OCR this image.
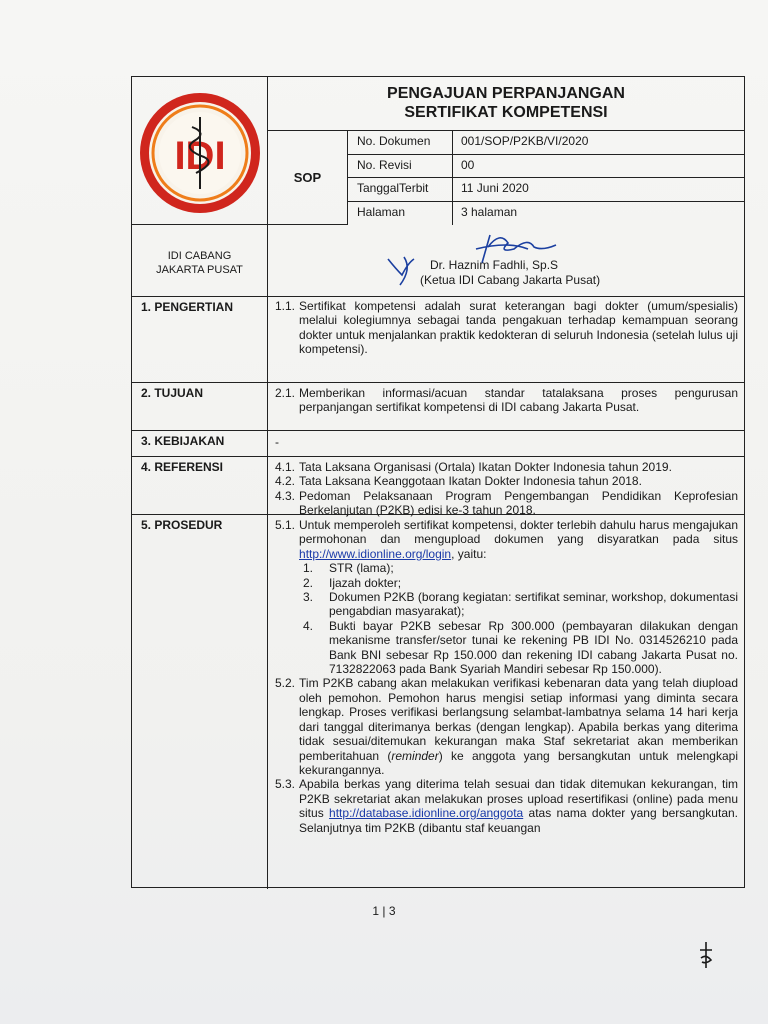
IDI
PENGAJUAN PERPANJANGAN
SERTIFIKAT KOMPETENSI
SOP
No. Dokumen	001/SOP/P2KB/VI/2020
No. Revisi	00
TanggalTerbit	11 Juni 2020
Halaman	3 halaman
IDI CABANG
JAKARTA PUSAT	Dr. Haznim Fadhli, Sp.S
(Ketua IDI Cabang Jakarta Pusat)
1. PENGERTIAN	1.1. Sertifikat kompetensi adalah surat keterangan bagi dokter (umum/spesialis) melalui kolegiumnya sebagai tanda pengakuan terhadap kemampuan seorang dokter untuk menjalankan praktik kedokteran di seluruh Indonesia (setelah lulus uji kompetensi).
2. TUJUAN	2.1. Memberikan informasi/acuan standar tatalaksana proses pengurusan perpanjangan sertifikat kompetensi di IDI cabang Jakarta Pusat.
3. KEBIJAKAN	-
4. REFERENSI	4.1. Tata Laksana Organisasi (Ortala) Ikatan Dokter Indonesia tahun 2019.
4.2. Tata Laksana Keanggotaan Ikatan Dokter Indonesia tahun 2018.
4.3. Pedoman Pelaksanaan Program Pengembangan Pendidikan Keprofesian Berkelanjutan (P2KB) edisi ke-3 tahun 2018.
5. PROSEDUR	5.1. Untuk memperoleh sertifikat kompetensi, dokter terlebih dahulu harus mengajukan permohonan dan mengupload dokumen yang disyaratkan pada situs http://www.idionline.org/login, yaitu:
1.	STR (lama);
2.	Ijazah dokter;
3.	Dokumen P2KB (borang kegiatan: sertifikat seminar, workshop, dokumentasi pengabdian masyarakat);
4.	Bukti bayar P2KB sebesar Rp 300.000 (pembayaran dilakukan dengan mekanisme transfer/setor tunai ke rekening PB IDI No. 0314526210 pada Bank BNI sebesar Rp 150.000 dan rekening IDI cabang Jakarta Pusat no. 7132822063 pada Bank Syariah Mandiri sebesar Rp 150.000).
5.2. Tim P2KB cabang akan melakukan verifikasi kebenaran data yang telah diupload oleh pemohon. Pemohon harus mengisi setiap informasi yang diminta secara lengkap. Proses verifikasi berlangsung selambat-lambatnya selama 14 hari kerja dari tanggal diterimanya berkas (dengan lengkap). Apabila berkas yang diterima tidak sesuai/ditemukan kekurangan maka Staf sekretariat akan memberikan pemberitahuan (reminder) ke anggota yang bersangkutan untuk melengkapi kekurangannya.
5.3. Apabila berkas yang diterima telah sesuai dan tidak ditemukan kekurangan, tim P2KB sekretariat akan melakukan proses upload resertifikasi (online) pada menu situs http://database.idionline.org/anggota atas nama dokter yang bersangkutan. Selanjutnya tim P2KB (dibantu staf keuangan
1 | 3
